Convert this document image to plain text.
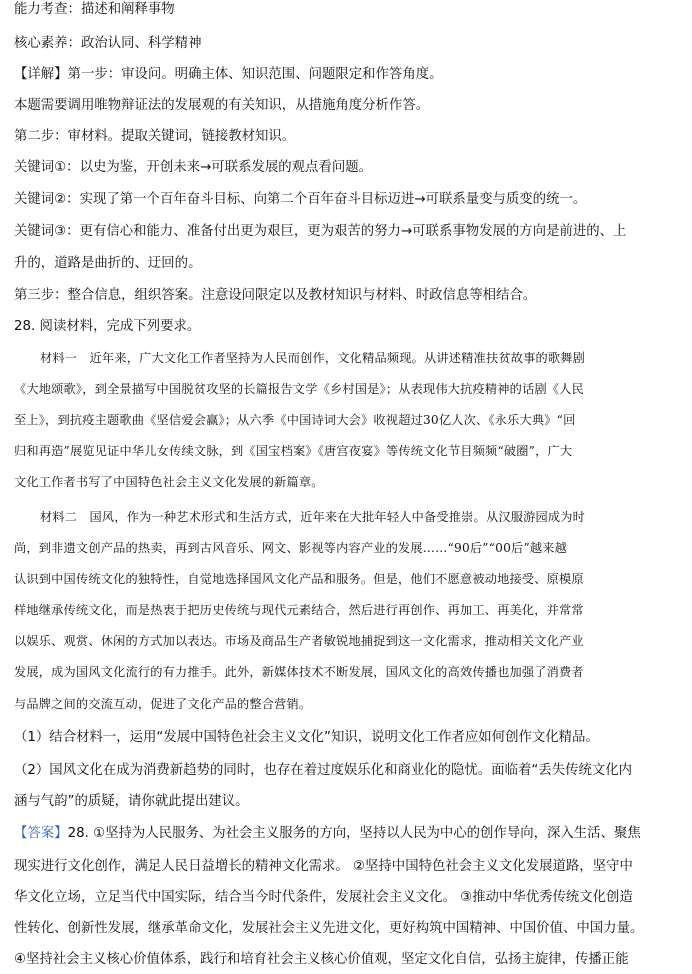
能力考查：描述和阐释事物
核心素养：政治认同、科学精神
【详解】第一步：审设问。明确主体、知识范围、问题限定和作答角度。
本题需要调用唯物辩证法的发展观的有关知识，从措施角度分析作答。
第二步：审材料。提取关键词，链接教材知识。
关键词①：以史为鉴，开创未来→可联系发展的观点看问题。
关键词②：实现了第一个百年奋斗目标、向第二个百年奋斗目标迈进→可联系量变与质变的统一。
关键词③：更有信心和能力、准备付出更为艰巨，更为艰苦的努力→可联系事物发展的方向是前进的、上
升的，道路是曲折的、迂回的。
第三步：整合信息，组织答案。注意设问限定以及教材知识与材料、时政信息等相结合。
28. 阅读材料，完成下列要求。
材料一　近年来，广大文化工作者坚持为人民而创作，文化精品频现。从讲述精准扶贫故事的歌舞剧
《大地颂歌》，到全景描写中国脱贫攻坚的长篇报告文学《乡村国是》；从表现伟大抗疫精神的话剧《人民
至上》，到抗疫主题歌曲《坚信爱会赢》；从六季《中国诗词大会》收视超过30亿人次、《永乐大典》“回
归和再造”展览见证中华儿女传续文脉，到《国宝档案》《唐宫夜宴》等传统文化节目频频“破圈”，广大
文化工作者书写了中国特色社会主义文化发展的新篇章。
材料二　国风，作为一种艺术形式和生活方式，近年来在大批年轻人中备受推崇。从汉服游园成为时
尚，到非遗文创产品的热卖，再到古风音乐、网文、影视等内容产业的发展……“90后”“00后”越来越
认识到中国传统文化的独特性，自觉地选择国风文化产品和服务。但是，他们不愿意被动地接受、原模原
样地继承传统文化，而是热衷于把历史传统与现代元素结合，然后进行再创作、再加工、再美化，并常常
以娱乐、观赏、休闲的方式加以表达。市场及商品生产者敏锐地捕捉到这一文化需求，推动相关文化产业
发展，成为国风文化流行的有力推手。此外，新媒体技术不断发展，国风文化的高效传播也加强了消费者
与品牌之间的交流互动，促进了文化产品的整合营销。
（1）结合材料一，运用“发展中国特色社会主义文化”知识，说明文化工作者应如何创作文化精品。
（2）国风文化在成为消费新趋势的同时，也存在着过度娱乐化和商业化的隐忧。面临着“丢失传统文化内
涵与气韵”的质疑，请你就此提出建议。
【答案】28. ①坚持为人民服务、为社会主义服务的方向，坚持以人民为中心的创作导向，深入生活、聚焦
现实进行文化创作，满足人民日益增长的精神文化需求。 ②坚持中国特色社会主义文化发展道路，坚守中
华文化立场，立足当代中国实际，结合当今时代条件，发展社会主义文化。 ③推动中华优秀传统文化创造
性转化、创新性发展，继承革命文化，发展社会主义先进文化，更好构筑中国精神、中国价值、中国力量。
④坚持社会主义核心价值体系，践行和培育社会主义核心价值观，坚定文化自信，弘扬主旋律，传播正能
